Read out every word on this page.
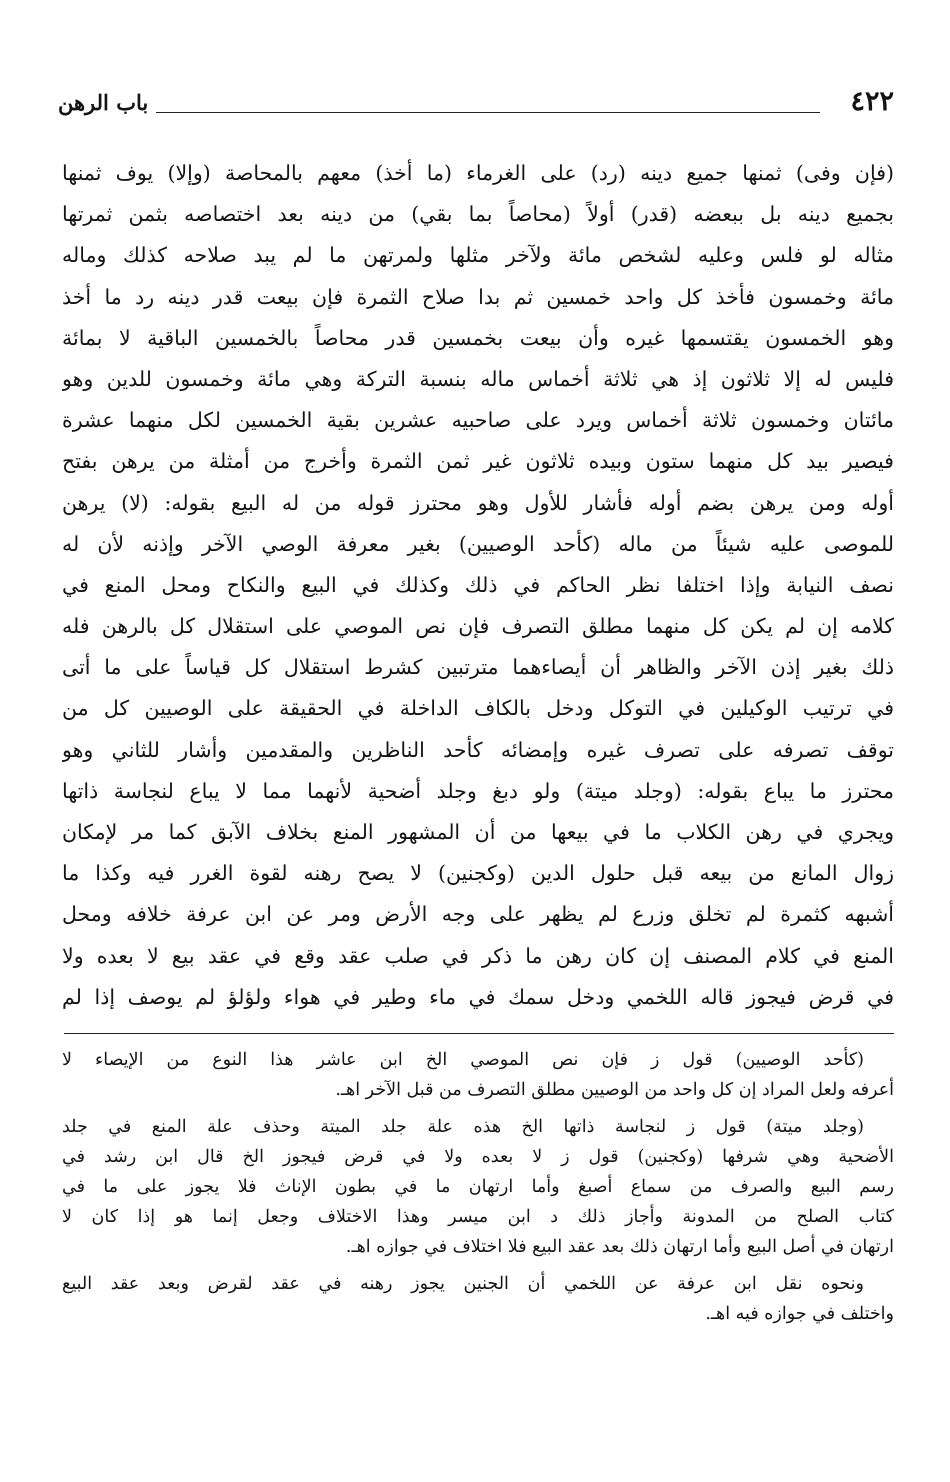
٤٢٢
باب الرهن
(فإن وفى) ثمنها جميع دينه (رد) على الغرماء (ما أخذ) معهم بالمحاصة (وإلا) يوف ثمنها
بجميع دينه بل ببعضه (قدر) أولاً (محاصاً بما بقي) من دينه بعد اختصاصه بثمن ثمرتها
مثاله لو فلس وعليه لشخص مائة ولآخر مثلها ولمرتهن ما لم يبد صلاحه كذلك وماله
مائة وخمسون فأخذ كل واحد خمسين ثم بدا صلاح الثمرة فإن بيعت قدر دينه رد ما أخذ
وهو الخمسون يقتسمها غيره وأن بيعت بخمسين قدر محاصاً بالخمسين الباقية لا بمائة
فليس له إلا ثلاثون إذ هي ثلاثة أخماس ماله بنسبة التركة وهي مائة وخمسون للدين وهو
مائتان وخمسون ثلاثة أخماس ويرد على صاحبيه عشرين بقية الخمسين لكل منهما عشرة
فيصير بيد كل منهما ستون وبيده ثلاثون غير ثمن الثمرة وأخرج من أمثلة من يرهن بفتح
أوله ومن يرهن بضم أوله فأشار للأول وهو محترز قوله من له البيع بقوله: (لا) يرهن
للموصى عليه شيئاً من ماله (كأحد الوصيين) بغير معرفة الوصي الآخر وإذنه لأن له
نصف النيابة وإذا اختلفا نظر الحاكم في ذلك وكذلك في البيع والنكاح ومحل المنع في
كلامه إن لم يكن كل منهما مطلق التصرف فإن نص الموصي على استقلال كل بالرهن فله
ذلك بغير إذن الآخر والظاهر أن أيصاءهما مترتبين كشرط استقلال كل قياساً على ما أتى
في ترتيب الوكيلين في التوكل ودخل بالكاف الداخلة في الحقيقة على الوصيين كل من
توقف تصرفه على تصرف غيره وإمضائه كأحد الناظرين والمقدمين وأشار للثاني وهو
محترز ما يباع بقوله: (وجلد ميتة) ولو دبغ وجلد أضحية لأنهما مما لا يباع لنجاسة ذاتها
ويجري في رهن الكلاب ما في بيعها من أن المشهور المنع بخلاف الآبق كما مر لإمكان
زوال المانع من بيعه قبل حلول الدين (وكجنين) لا يصح رهنه لقوة الغرر فيه وكذا ما
أشبهه كثمرة لم تخلق وزرع لم يظهر على وجه الأرض ومر عن ابن عرفة خلافه ومحل
المنع في كلام المصنف إن كان رهن ما ذكر في صلب عقد وقع في عقد بيع لا بعده ولا
في قرض فيجوز قاله اللخمي ودخل سمك في ماء وطير في هواء ولؤلؤ لم يوصف إذا لم
(كأحد الوصيين) قول ز فإن نص الموصي الخ ابن عاشر هذا النوع من الإيصاء لا
أعرفه ولعل المراد إن كل واحد من الوصيين مطلق التصرف من قبل الآخر اهـ.
(وجلد ميتة) قول ز لنجاسة ذاتها الخ هذه علة جلد الميتة وحذف علة المنع في جلد
الأضحية وهي شرفها (وكجنين) قول ز لا بعده ولا في قرض فيجوز الخ قال ابن رشد في
رسم البيع والصرف من سماع أصبغ وأما ارتهان ما في بطون الإناث فلا يجوز على ما في
كتاب الصلح من المدونة وأجاز ذلك د ابن ميسر وهذا الاختلاف وجعل إنما هو إذا كان لا
ارتهان في أصل البيع وأما ارتهان ذلك بعد عقد البيع فلا اختلاف في جوازه اهـ.
ونحوه نقل ابن عرفة عن اللخمي أن الجنين يجوز رهنه في عقد لقرض وبعد عقد البيع
واختلف في جوازه فيه اهـ.
